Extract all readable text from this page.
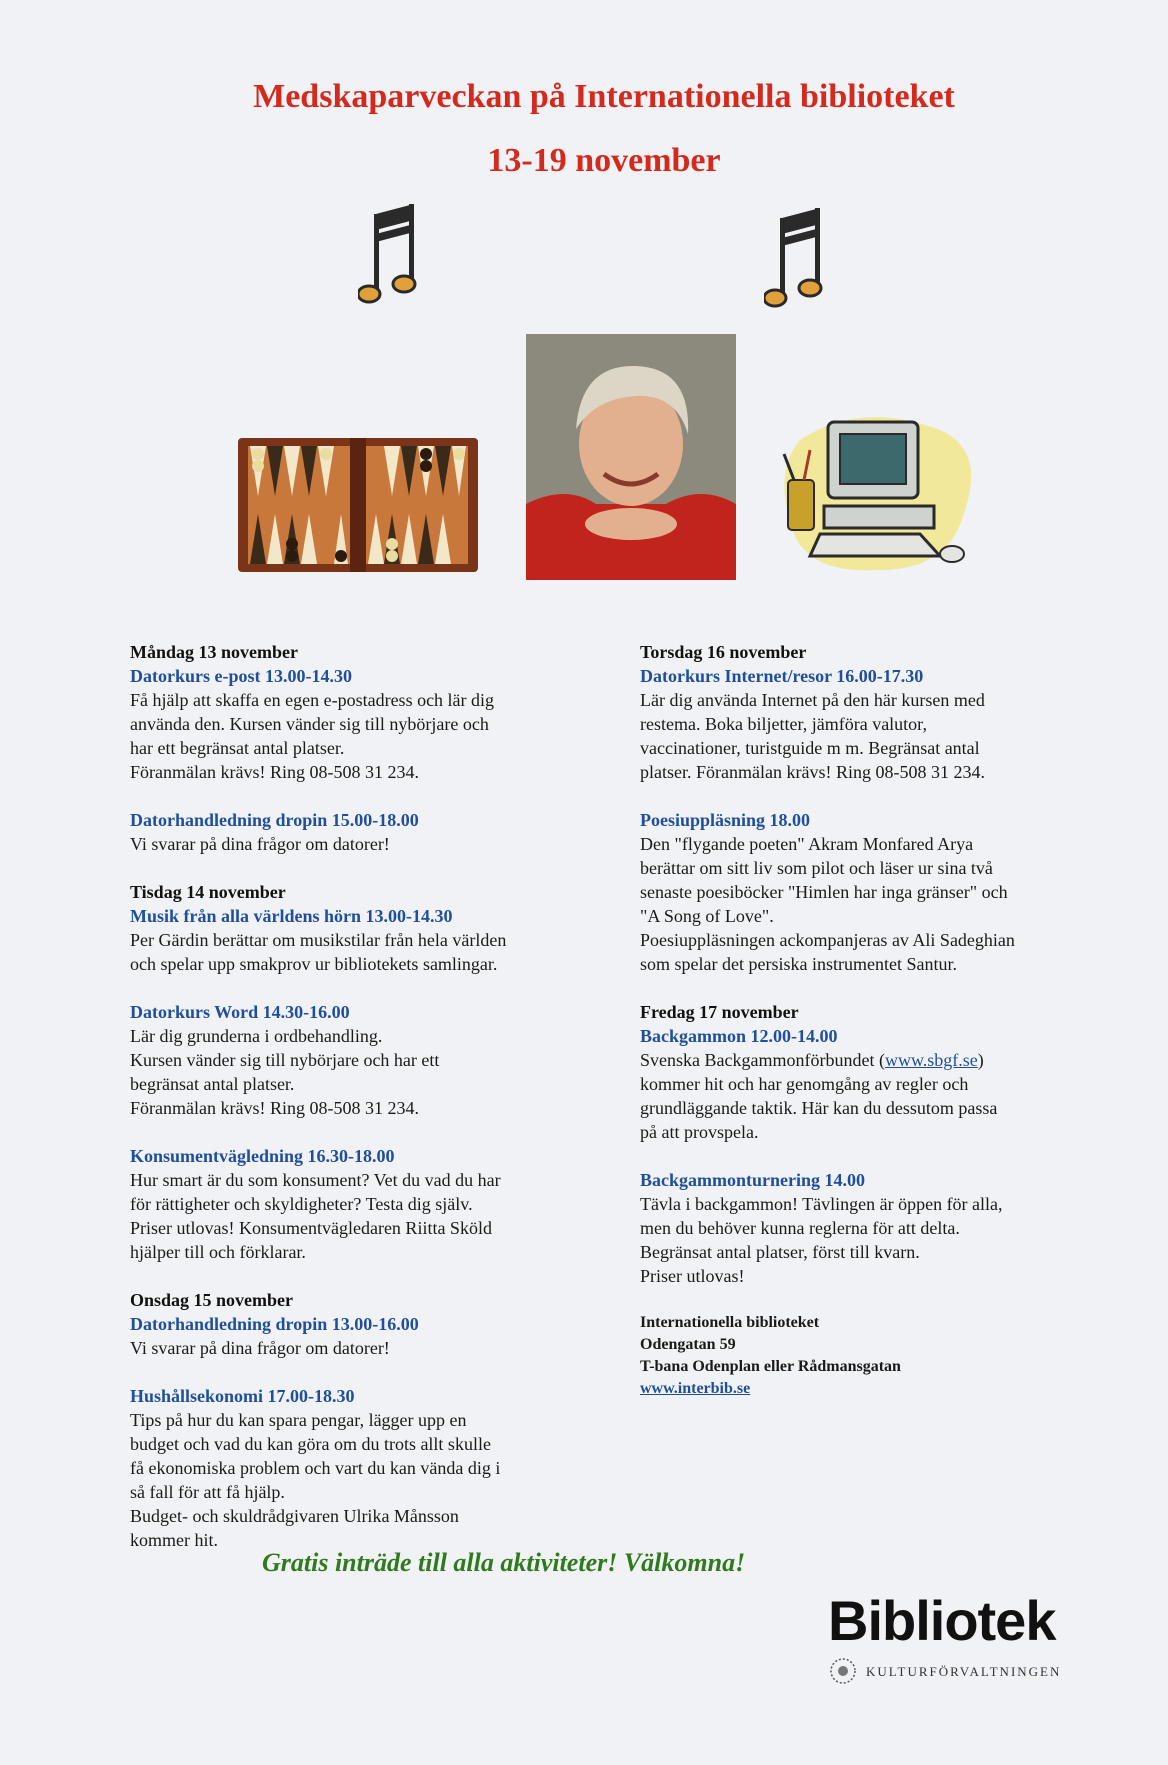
Medskaparveckan på Internationella biblioteket
13-19 november

Måndag 13 november

Datorkurs e-post 13.00-14.30

Få hjälp att skaffa en egen e-postadress och lär dig

använda den. Kursen vänder sig till nybörjare och

har ett begränsat antal platser.

Föranmälan krävs! Ring 08-508 31 234.

Datorhandledning dropin 15.00-18.00

Vi svarar på dina frågor om datorer!

Tisdag 14 november

Musik från alla världens hörn 13.00-14.30

Per Gärdin berättar om musikstilar från hela världen

och spelar upp smakprov ur bibliotekets samlingar.

Datorkurs Word 14.30-16.00

Lär dig grunderna i ordbehandling.

Kursen vänder sig till nybörjare och har ett

begränsat antal platser.

Föranmälan krävs! Ring 08-508 31 234.

Konsumentvägledning 16.30-18.00

Hur smart är du som konsument? Vet du vad du har

för rättigheter och skyldigheter? Testa dig själv.

Priser utlovas! Konsumentvägledaren Riitta Sköld

hjälper till och förklarar.

Onsdag 15 november

Datorhandledning dropin 13.00-16.00

Vi svarar på dina frågor om datorer!

Hushållsekonomi 17.00-18.30

Tips på hur du kan spara pengar, lägger upp en

budget och vad du kan göra om du trots allt skulle

få ekonomiska problem och vart du kan vända dig i

så fall för att få hjälp.

Budget- och skuldrådgivaren Ulrika Månsson

kommer hit.

Torsdag 16 november

Datorkurs Internet/resor 16.00-17.30

Lär dig använda Internet på den här kursen med

restema. Boka biljetter, jämföra valutor,

vaccinationer, turistguide m m. Begränsat antal

platser. Föranmälan krävs! Ring 08-508 31 234.

Poesiuppläsning 18.00

Den "flygande poeten" Akram Monfared Arya

berättar om sitt liv som pilot och läser ur sina två

senaste poesiböcker "Himlen har inga gränser" och

"A Song of Love".

Poesiuppläsningen ackompanjeras av Ali Sadeghian

som spelar det persiska instrumentet Santur.

Fredag 17 november

Backgammon 12.00-14.00

Svenska Backgammonförbundet (www.sbgf.se)

kommer hit och har genomgång av regler och

grundläggande taktik. Här kan du dessutom passa

på att provspela.

Backgammonturnering 14.00

Tävla i backgammon! Tävlingen är öppen för alla,

men du behöver kunna reglerna för att delta.

Begränsat antal platser, först till kvarn.

Priser utlovas!

Internationella biblioteket

Odengatan 59

T-bana Odenplan eller Rådmansgatan

www.interbib.se

Gratis inträde till alla aktiviteter! Välkomna!
Bibliotek
KULTURFÖRVALTNINGEN
